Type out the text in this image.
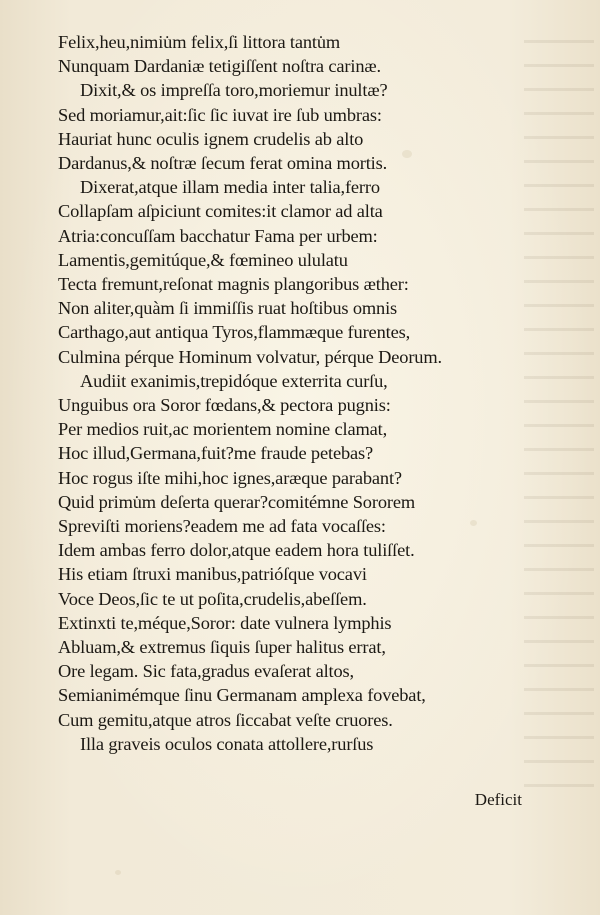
Felix,heu,nimiu̇m felix,ſi littora tantu̇m
Nunquam Dardaniæ tetigiſſent noſtra carinæ.
Dixit,& os impreſſa toro,moriemur inultæ?
Sed moriamur,ait:ſic ſic iuvat ire ſub umbras:
Hauriat hunc oculis ignem crudelis ab alto
Dardanus,& noſtræ ſecum ferat omina mortis.
Dixerat,atque illam media inter talia,ferro
Collapſam aſpiciunt comites:it clamor ad alta
Atria:concuſſam bacchatur Fama per urbem:
Lamentis,gemitúque,& fœmineo ululatu
Tecta fremunt,reſonat magnis plangoribus æther:
Non aliter,quàm ſi immiſſis ruat hoſtibus omnis
Carthago,aut antiqua Tyros,flammæque furentes,
Culmina pérque Hominum volvatur, pérque Deorum.
Audiit exanimis,trepidóque exterrita curſu,
Unguibus ora Soror fœdans,& pectora pugnis:
Per medios ruit,ac morientem nomine clamat,
Hoc illud,Germana,fuit?me fraude petebas?
Hoc rogus iſte mihi,hoc ignes,aræque parabant?
Quid primu̇m deſerta querar?comitémne Sororem
Spreviſti moriens?eadem me ad fata vocaſſes:
Idem ambas ferro dolor,atque eadem hora tuliſſet.
His etiam ſtruxi manibus,patrióſque vocavi
Voce Deos,ſic te ut poſita,crudelis,abeſſem.
Extinxti te,méque,Soror: date vulnera lymphis
Abluam,& extremus ſiquis ſuper halitus errat,
Ore legam. Sic fata,gradus evaſerat altos,
Semianimémque ſinu Germanam amplexa fovebat,
Cum gemitu,atque atros ſiccabat veſte cruores.
Illa graveis oculos conata attollere,rurſus
Deficit
